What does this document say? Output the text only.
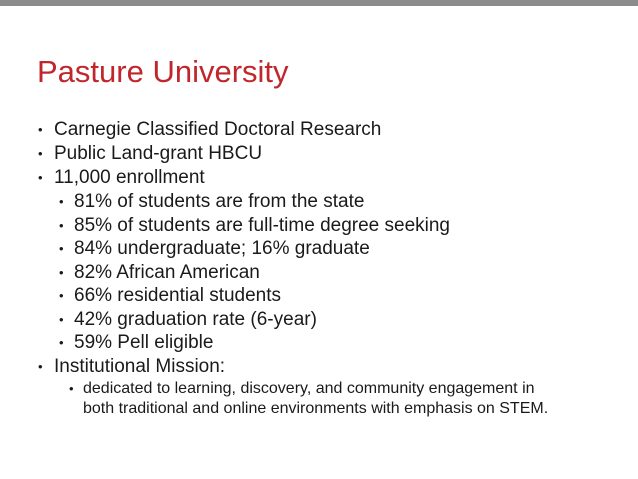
Pasture University
• Carnegie Classified Doctoral Research
• Public Land-grant HBCU
• 11,000 enrollment
• 81% of students are from the state
• 85% of students are full-time degree seeking
• 84% undergraduate; 16% graduate
• 82% African American
• 66% residential students
• 42% graduation rate (6-year)
• 59% Pell eligible
• Institutional Mission:
• dedicated to learning, discovery, and community engagement in
both traditional and online environments with emphasis on STEM.
